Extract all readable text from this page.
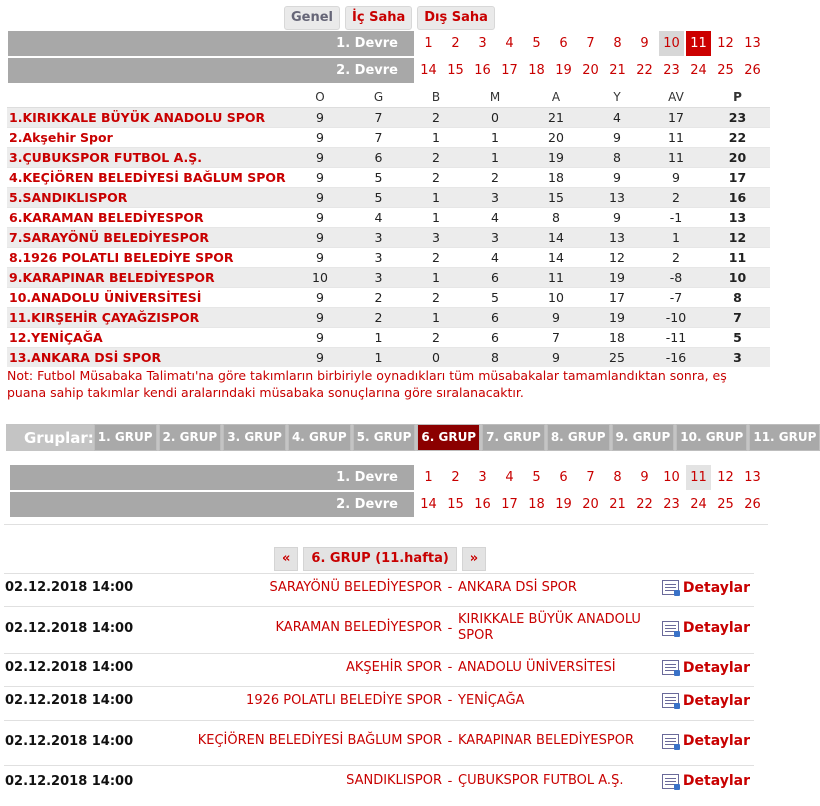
Genel	İç Saha	Dış Saha
1. Devre	1	2	3	4	5	6	7	8	9	10 11 12 13
2. Devre	14 15 16 17 18 19 20 21 22 23 24 25 26
	O	G	B	M	A	Y	AV	P
1.KIRIKKALE BÜYÜK ANADOLU SPOR	9	7	2	0	21	4	17	23
2.Akşehir Spor	9	7	1	1	20	9	11	22
3.ÇUBUKSPOR FUTBOL A.Ş.	9	6	2	1	19	8	11	20
4.KEÇİÖREN BELEDİYESİ BAĞLUM SPOR	9	5	2	2	18	9	9	17
5.SANDIKLISPOR	9	5	1	3	15	13	2	16
6.KARAMAN BELEDİYESPOR	9	4	1	4	8	9	-1	13
7.SARAYÖNÜ BELEDİYESPOR	9	3	3	3	14	13	1	12
8.1926 POLATLI BELEDİYE SPOR	9	3	2	4	14	12	2	11
9.KARAPINAR BELEDİYESPOR	10	3	1	6	11	19	-8	10
10.ANADOLU ÜNİVERSİTESİ	9	2	2	5	10	17	-7	8
11.KIRŞEHİR ÇAYAĞZISPOR	9	2	1	6	9	19	-10	7
12.YENİÇAĞA	9	1	2	6	7	18	-11	5
13.ANKARA DSİ SPOR	9	1	0	8	9	25	-16	3
Not: Futbol Müsabaka Talimatı'na göre takımların birbiriyle oynadıkları tüm müsabakalar tamamlandıktan sonra, eş puana sahip takımlar kendi aralarındaki müsabaka sonuçlarına göre sıralanacaktır.
Gruplar: 1. GRUP 2. GRUP 3. GRUP 4. GRUP 5. GRUP 6. GRUP 7. GRUP 8. GRUP 9. GRUP 10. GRUP 11. GRUP
1. Devre	1	2	3	4	5	6	7	8	9	10 11 12 13
2. Devre	14 15 16 17 18 19 20 21 22 23 24 25 26
«	6. GRUP (11.hafta)	»
02.12.2018 14:00	SARAYÖNÜ BELEDİYESPOR - ANKARA DSİ SPOR	Detaylar
02.12.2018 14:00	KARAMAN BELEDİYESPOR -
KIRIKKALE BÜYÜK ANADOLU SPOR	Detaylar
02.12.2018 14:00	AKŞEHİR SPOR - ANADOLU ÜNİVERSİTESİ	Detaylar
02.12.2018 14:00	1926 POLATLI BELEDİYE SPOR - YENİÇAĞA	Detaylar
02.12.2018 14:00	KEÇİÖREN BELEDİYESİ BAĞLUM SPOR - KARAPINAR BELEDİYESPOR	Detaylar
02.12.2018 14:00	SANDIKLISPOR - ÇUBUKSPOR FUTBOL A.Ş.	Detaylar
